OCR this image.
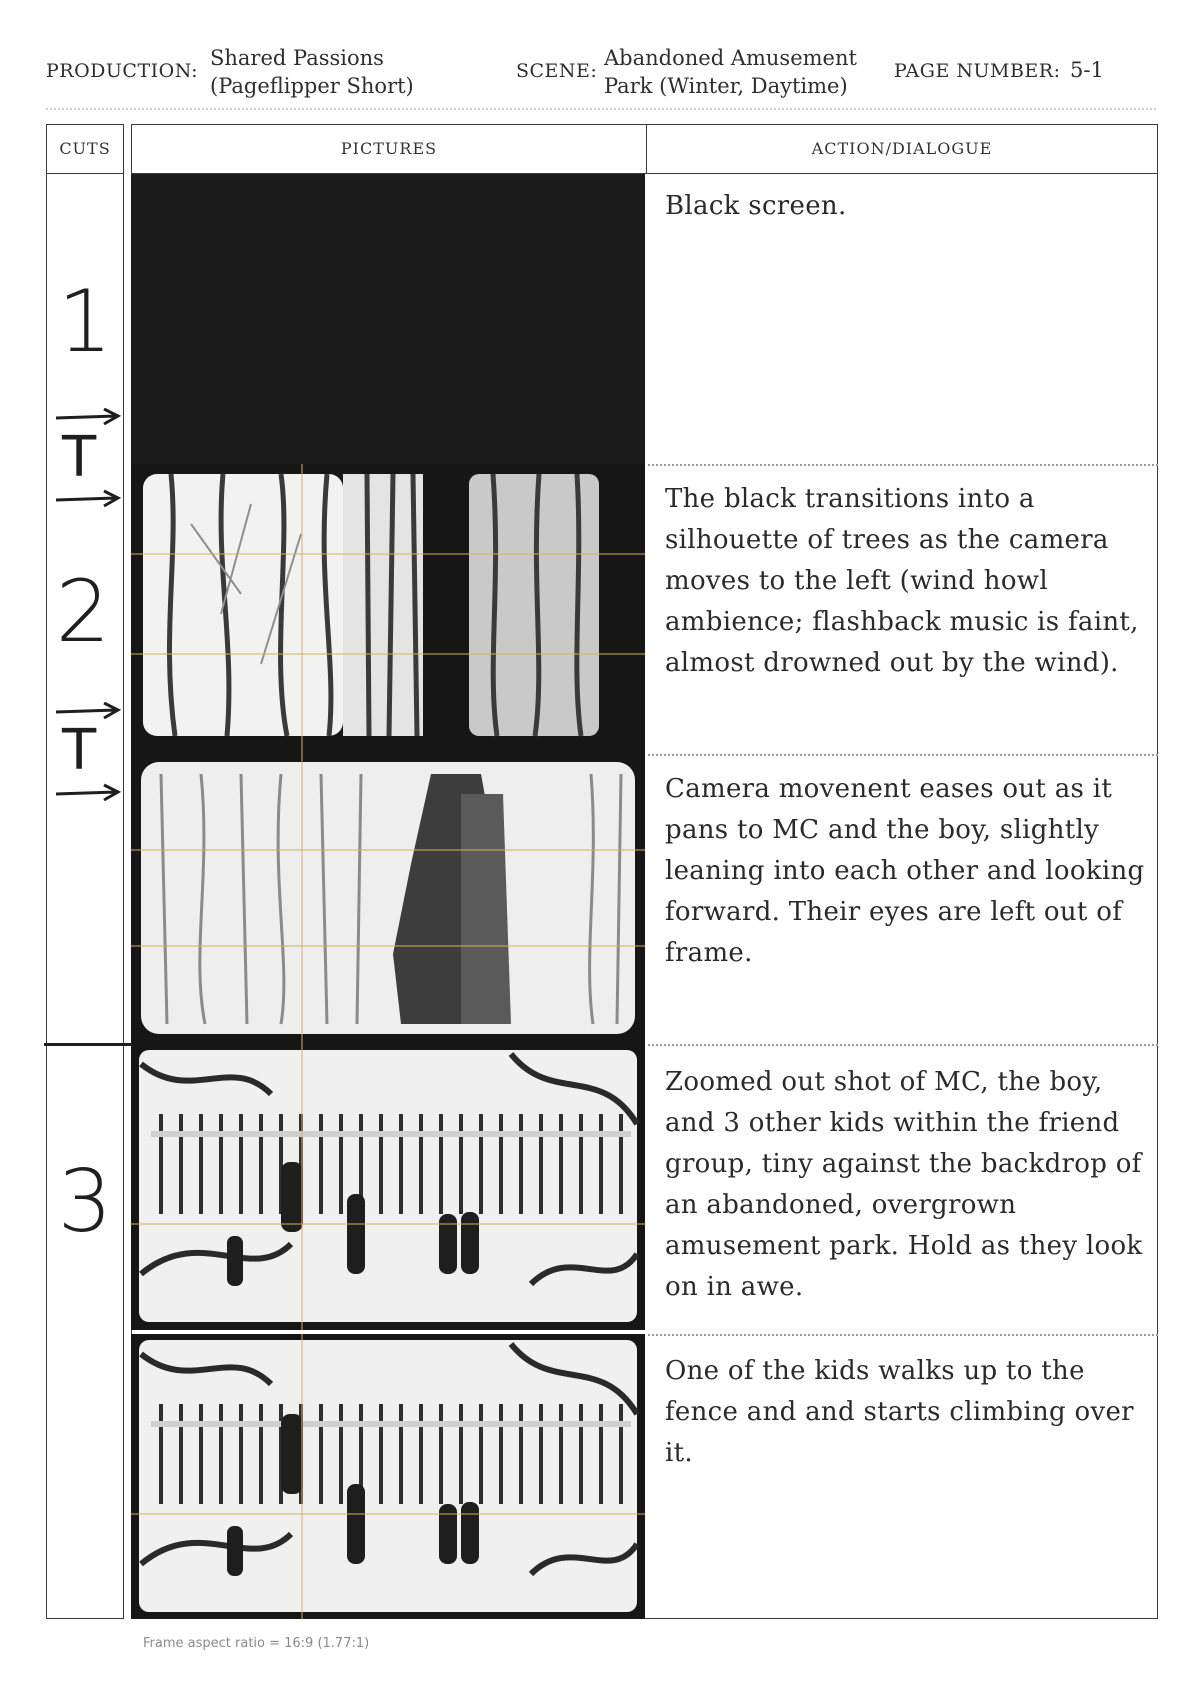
PRODUCTION:
Shared Passions
(Pageflipper Short)
SCENE:
Abandoned Amusement
Park (Winter, Daytime)
PAGE NUMBER: 5-1
CUTS	PICTURES	ACTION/DIALOGUE
Black screen.
The black transitions into a silhouette of trees as the camera moves to the left (wind howl ambience; flashback music is faint, almost drowned out by the wind).
Camera movenent eases out as it pans to MC and the boy, slightly leaning into each other and looking forward. Their eyes are left out of frame.
Zoomed out shot of MC, the boy, and 3 other kids within the friend group, tiny against the backdrop of an abandoned, overgrown amusement park. Hold as they look on in awe.
One of the kids walks up to the fence and and starts climbing over it.
1
T
2
T
3
Frame aspect ratio = 16:9 (1.77:1)
